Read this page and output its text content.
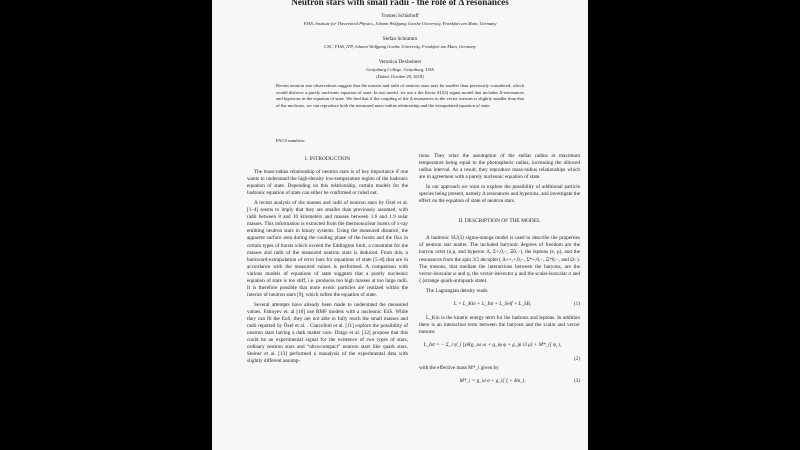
Neutron stars with small radii - the role of Δ resonances
Torsten Schürhoff
FIAS, Institute for Theoretical Physics, Johann Wolfgang Goethe University, Frankfurt am Main, Germany
Stefan Schramm
CSC, FIAS, ITP, Johann Wolfgang Goethe University, Frankfurt am Main, Germany
Veronica Dexheimer
Gettysburg College, Gettysburg, USA
(Dated: October 29, 2018)
Recent neutron star observations suggest that the masses and radii of neutron stars may be smaller than previously considered, which would disfavor a purely nucleonic equation of state. In our model, we use a the flavor SU(3) sigma model that includes Δ-resonances and hyperons in the equation of state. We find that if the coupling of the Δ resonances to the vector mesons is slightly smaller than that of the nucleons, we can reproduce both the measured mass-radius relationship and the extrapolated equation of state.
PACS numbers:
I. INTRODUCTION

The mass-radius relationship of neutron stars is of key importance if one wants to understand the high-density low-temperature region of the hadronic equation of state. Depending on this relationship, certain models for the hadronic equation of state can either be confirmed or ruled out.

A recent analysis of the masses and radii of neutron stars by Özel et al. [1–4] seems to imply that they are smaller than previously assumed, with radii between 8 and 10 kilometers and masses between 1.6 and 1.9 solar masses. This information is extracted from the thermonuclear bursts of x-ray emitting neutron stars in binary systems. Using the measured distance, the apparent surface area during the cooling phase of the bursts and the flux in certain types of bursts which exceed the Eddington limit, a constraint for the masses and radii of the measured neutron stars is deduced. From this, a backward-extrapolation of error bars for equations of state [5–8] that are in accordance with the measured values is performed. A comparison with various models of equations of state suggests that a purely nucleonic equation of state is too stiff, i.e. produces too high masses at too large radii. It is therefore possible that more exotic particles are realized within the interior of neutron stars [9], which soften the equation of state.

Several attempts have already been made to understand the measured values. Fattoyev et. al [10] use RMF models with a nucleonic EoS. While they can fit the EoS, they are not able to fully reach the small masses and radii reported by Özel et al. . Ciarcelluti et al. [11] explore the possibility of neutron stars having a dark matter core. Drago et al. [12] propose that this could be an experimental signal for the existence of two types of stars, ordinary neutron stars and “ultra-compact” neutron stars like quark stars. Steiner et al. [13] performed a reanalysis of the experimental data with slightly different assump-

tions. They relax the assumption of the stellar radius at maximum temperature being equal to the photospheric radius, increasing the allowed radius interval. As a result, they reproduce mass-radius relationships which are in agreement with a purely nucleonic equation of state.

In our approach we want to explore the possibility of additional particle species being present, namely Δ resonances and hyperons, and investigate the effect on the equation of state of neutron stars.

II. DESCRIPTION OF THE MODEL

A hadronic SU(3) sigma-omega model is used to describe the properties of neutron star matter. The included baryonic degrees of freedom are the baryon octet (n,p, and hyperon Λ, Σ+,0,−, Ξ0,−), the leptons (e, μ), and the resonances from the spin 3/2 decuplet ( Δ++,+,0,−, Σ*+,0,−, Ξ*0,−, and Ω−). The mesons, that mediate the interactions between the baryons, are the vector-isoscalar ω and φ, the vector-isovector ρ and the scalar-isoscalar σ and ζ (strange quark-antiquark state).

The Lagrangian density reads

L = L_Kin + L_Int + L_Self + L_SB,	(1)

L_Kin is the kinetic energy term for the hadrons and leptons. In addition there is an interaction term between the baryons and the scalar and vector mesons

L_Int = − Σ_i ψ̄_i [γ0(g_iω ω + g_iφ φ + g_iρ τ3 ρ) + M*_i] ψ_i,
(2)

with the effective mass M*_i given by

M*_i = g_iσ σ + g_iζ ζ + δm_i,	(3)
